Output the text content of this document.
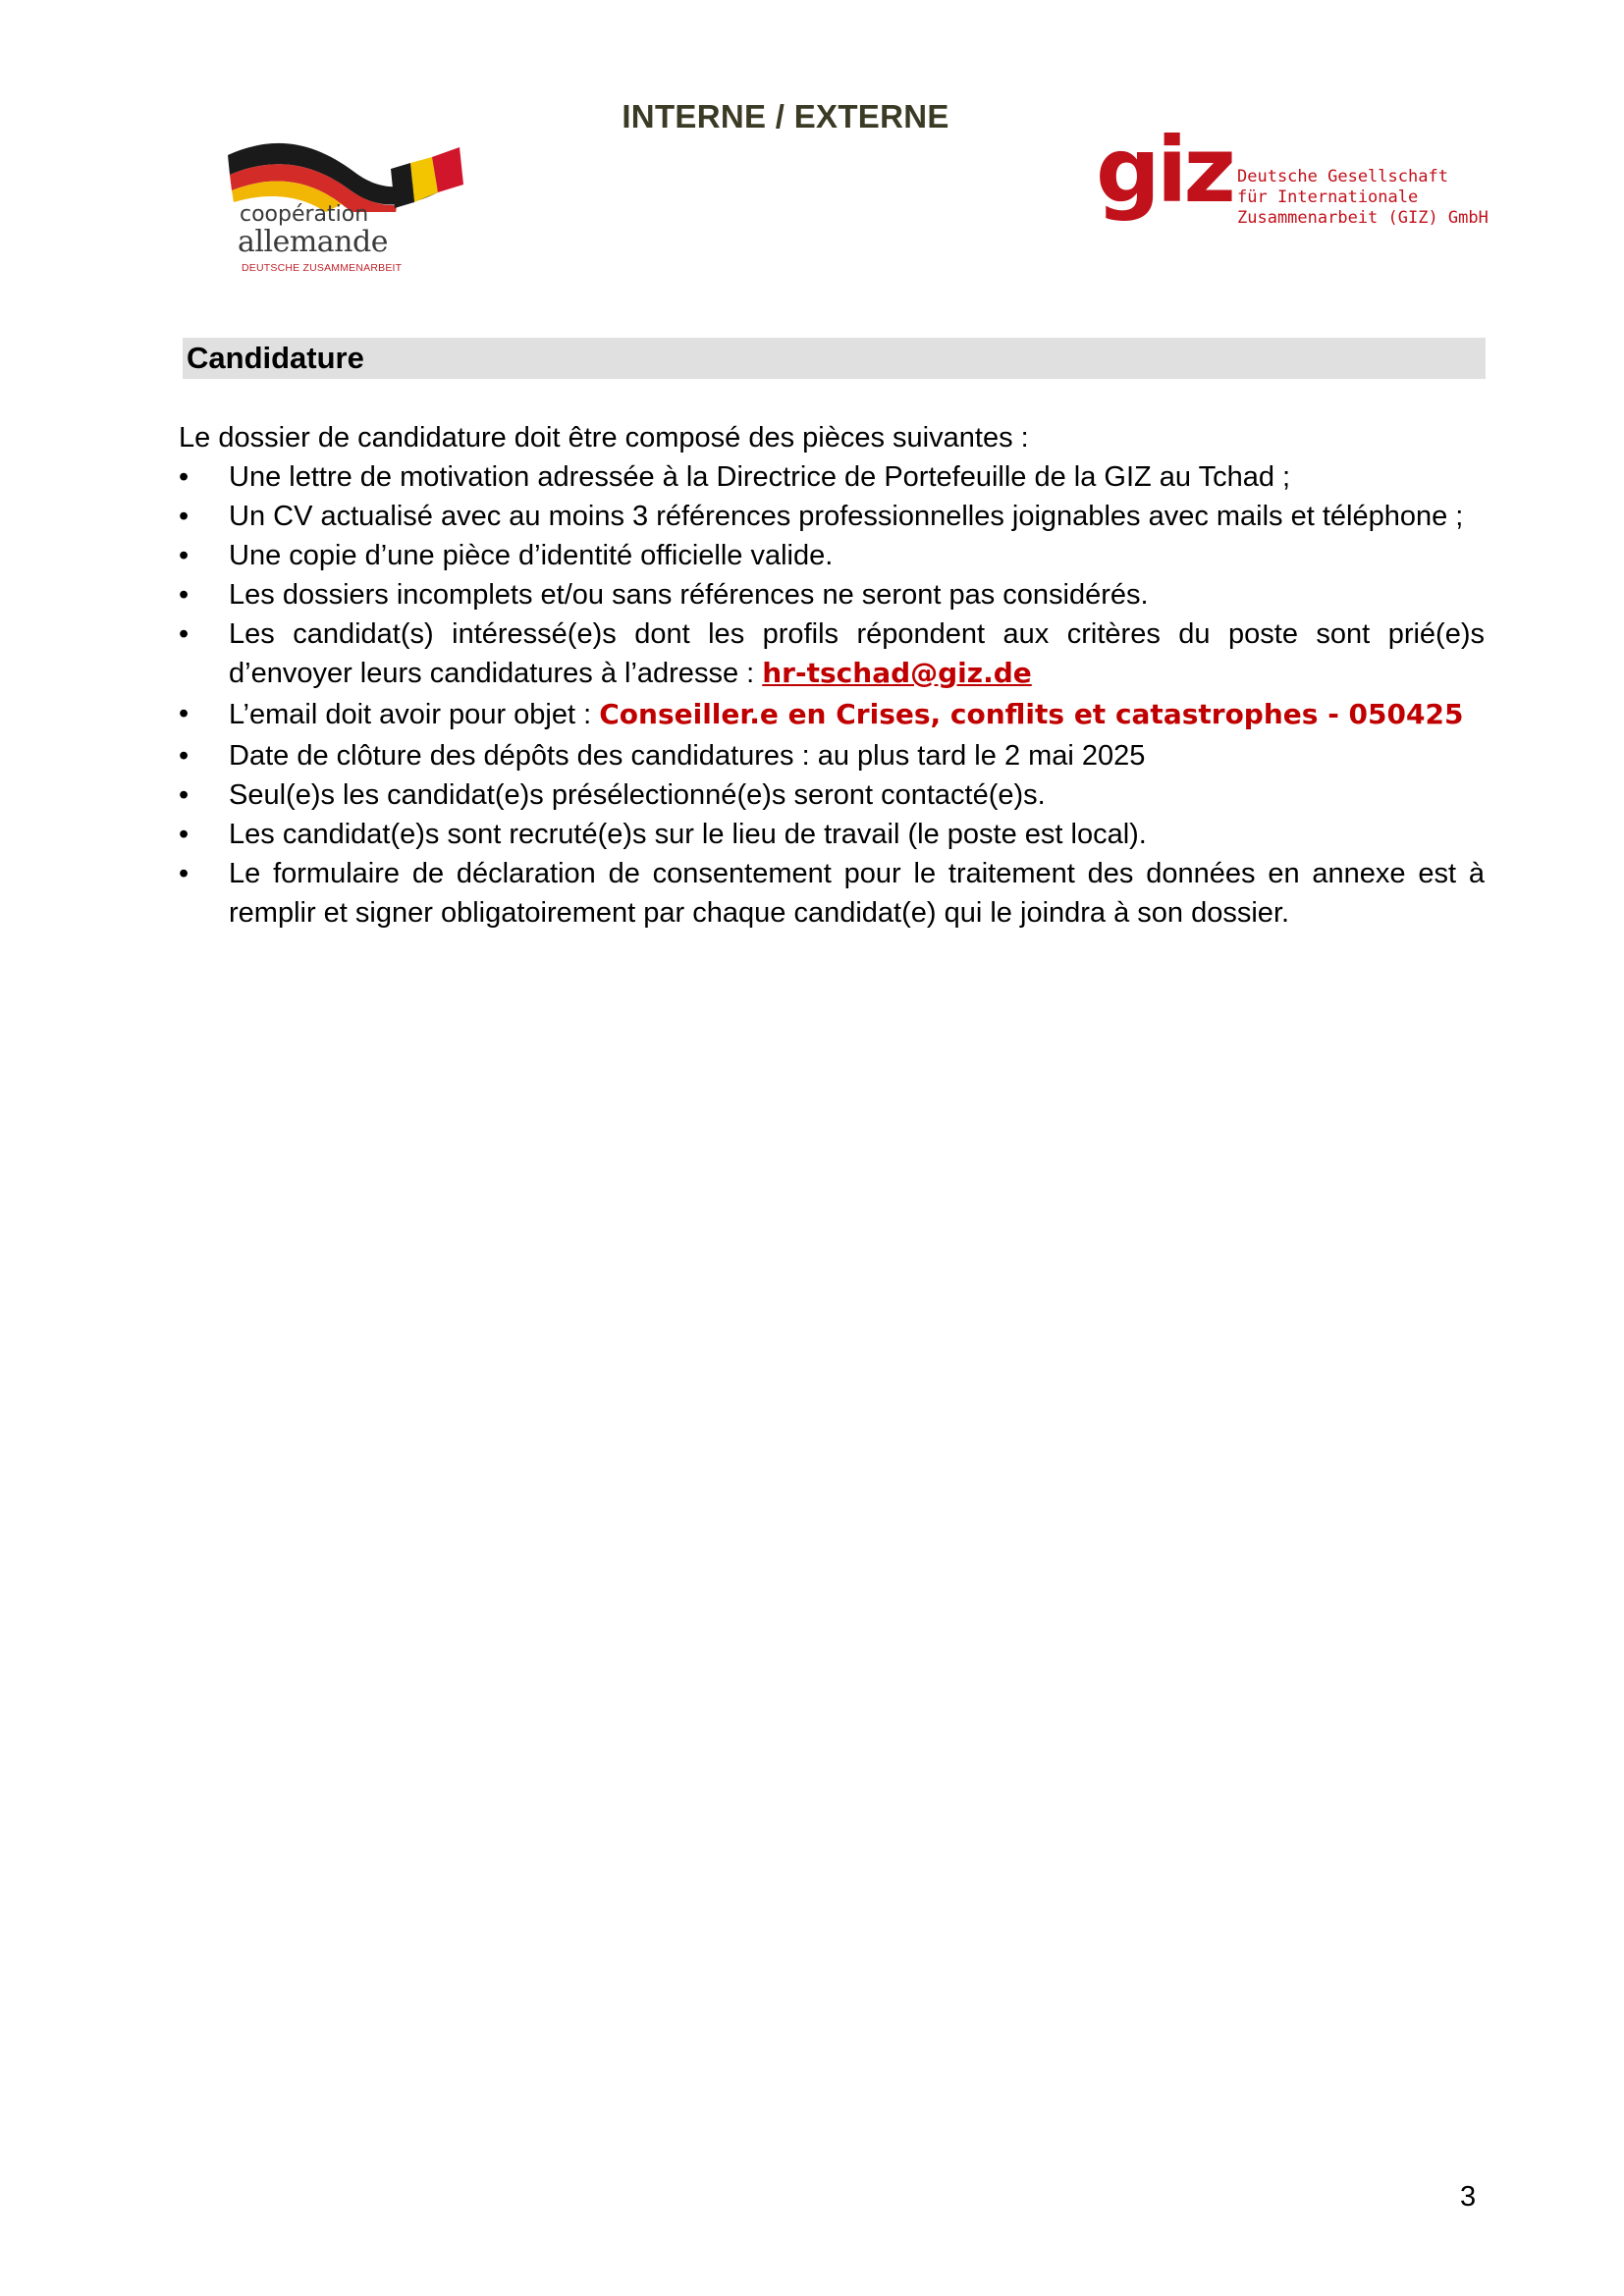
INTERNE / EXTERNE
coopération
allemande
DEUTSCHE ZUSAMMENARBEIT
giz Deutsche Gesellschaft
für Internationale
Zusammenarbeit (GIZ) GmbH
Candidature

Le dossier de candidature doit être composé des pièces suivantes :

• Une lettre de motivation adressée à la Directrice de Portefeuille de la GIZ au Tchad ;
• Un CV actualisé avec au moins 3 références professionnelles joignables avec mails et téléphone ;
• Une copie d’une pièce d’identité officielle valide.
• Les dossiers incomplets et/ou sans références ne seront pas considérés.
• Les candidat(s) intéressé(e)s dont les profils répondent aux critères du poste sont prié(e)s d’envoyer leurs candidatures à l’adresse : hr-tschad@giz.de
• L’email doit avoir pour objet : Conseiller.e en Crises, conflits et catastrophes - 050425
• Date de clôture des dépôts des candidatures : au plus tard le 2 mai 2025
• Seul(e)s les candidat(e)s présélectionné(e)s seront contacté(e)s.
• Les candidat(e)s sont recruté(e)s sur le lieu de travail (le poste est local).
• Le formulaire de déclaration de consentement pour le traitement des données en annexe est à remplir et signer obligatoirement par chaque candidat(e) qui le joindra à son dossier.
3
